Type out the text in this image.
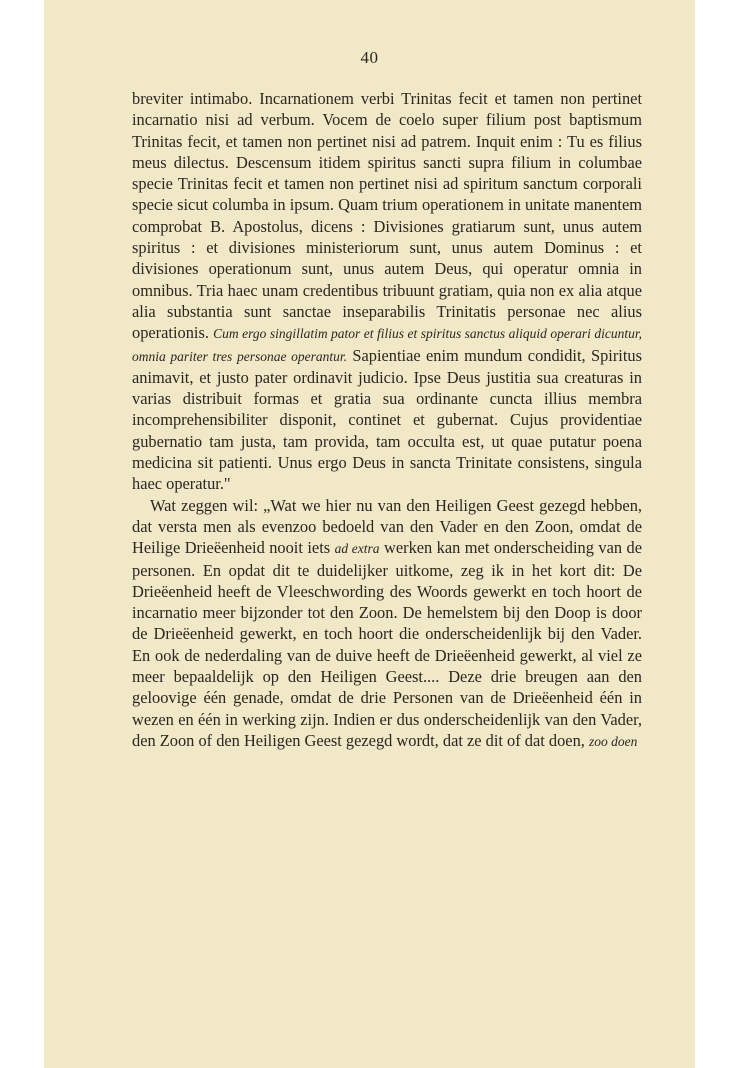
40

breviter intimabo. Incarnationem verbi Trinitas fecit et tamen non pertinet incarnatio nisi ad verbum. Vocem de coelo super filium post baptismum Trinitas fecit, et tamen non pertinet nisi ad patrem. Inquit enim : Tu es filius meus dilectus. Descensum itidem spiritus sancti supra filium in columbae specie Trinitas fecit et tamen non pertinet nisi ad spiritum sanctum corporali specie sicut columba in ipsum. Quam trium operationem in unitate manentem comprobat B. Apostolus, dicens : Divisiones gratiarum sunt, unus autem spiritus : et divisiones ministeriorum sunt, unus autem Dominus : et divisiones operationum sunt, unus autem Deus, qui operatur omnia in omnibus. Tria haec unam credentibus tribuunt gratiam, quia non ex alia atque alia substantia sunt sanctae inseparabilis Trinitatis personae nec alius operationis. Cum ergo singillatim pator et filius et spiritus sanctus aliquid operari dicuntur, omnia pariter tres personae operantur. Sapientiae enim mundum condidit, Spiritus animavit, et justo pater ordinavit judicio. Ipse Deus justitia sua creaturas in varias distribuit formas et gratia sua ordinante cuncta illius membra incomprehensibiliter disponit, continet et gubernat. Cujus providentiae gubernatio tam justa, tam provida, tam occulta est, ut quae putatur poena medicina sit patienti. Unus ergo Deus in sancta Trinitate consistens, singula haec operatur."

Wat zeggen wil: „Wat we hier nu van den Heiligen Geest gezegd hebben, dat versta men als evenzoo bedoeld van den Vader en den Zoon, omdat de Heilige Drieëenheid nooit iets ad extra werken kan met onderscheiding van de personen. En opdat dit te duidelijker uitkome, zeg ik in het kort dit: De Drieëenheid heeft de Vleeschwording des Woords gewerkt en toch hoort de incarnatio meer bijzonder tot den Zoon. De hemelstem bij den Doop is door de Drieëenheid gewerkt, en toch hoort die onderscheidenlijk bij den Vader. En ook de nederdaling van de duive heeft de Drieëenheid gewerkt, al viel ze meer bepaaldelijk op den Heiligen Geest.... Deze drie breugen aan den geloovige één genade, omdat de drie Personen van de Drieëenheid één in wezen en één in werking zijn. Indien er dus onderscheidenlijk van den Vader, den Zoon of den Heiligen Geest gezegd wordt, dat ze dit of dat doen, zoo doen
